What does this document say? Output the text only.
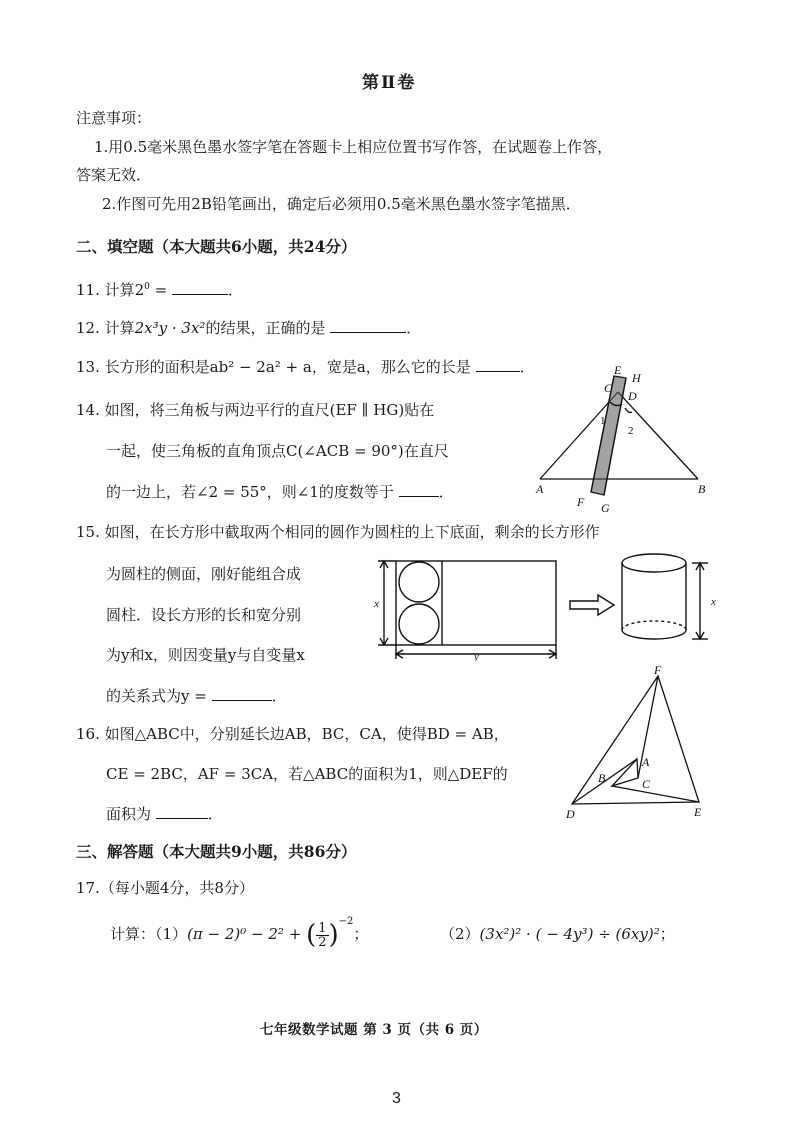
第Ⅱ卷
注意事项：
1.用0.5毫米黑色墨水签字笔在答题卡上相应位置书写作答，在试题卷上作答，
答案无效．
2.作图可先用2B铅笔画出，确定后必须用0.5毫米黑色墨水签字笔描黑．
二、填空题（本大题共6小题，共24分）
11. 计算$2^0$ =	．
12. 计算2x³y · 3x²的结果，正确的是	．
13. 长方形的面积是ab² − 2a² + a，宽是a，那么它的长是	．
14. 如图，将三角板与两边平行的直尺(EF ∥ HG)贴在
一起，使三角板的直角顶点C(∠ACB = 90°)在直尺
的一边上，若∠2 = 55°，则∠1的度数等于	．
E
H
C
D
A	B
F G
1
2
15. 如图，在长方形中截取两个相同的圆作为圆柱的上下底面，剩余的长方形作
为圆柱的侧面，刚好能组合成
圆柱．设长方形的长和宽分别
为y和x，则因变量y与自变量x
的关系式为y =	．
x
y
x
16. 如图△ABC中，分别延长边AB，BC，CA，使得BD = AB，
CE = 2BC，AF = 3CA，若△ABC的面积为1，则△DEF的
面积为	．
F
A
B	C
D	E
三、解答题（本大题共9小题，共86分）
17.（每小题4分，共8分）
计算：（1）(π − 2)⁰ − 2² + ( $\frac{1}{2} )^{-2}$；	（2）(3x²)² · ( − 4y³) ÷ (6xy)²；
七年级数学试题 第 3 页（共 6 页）
3
